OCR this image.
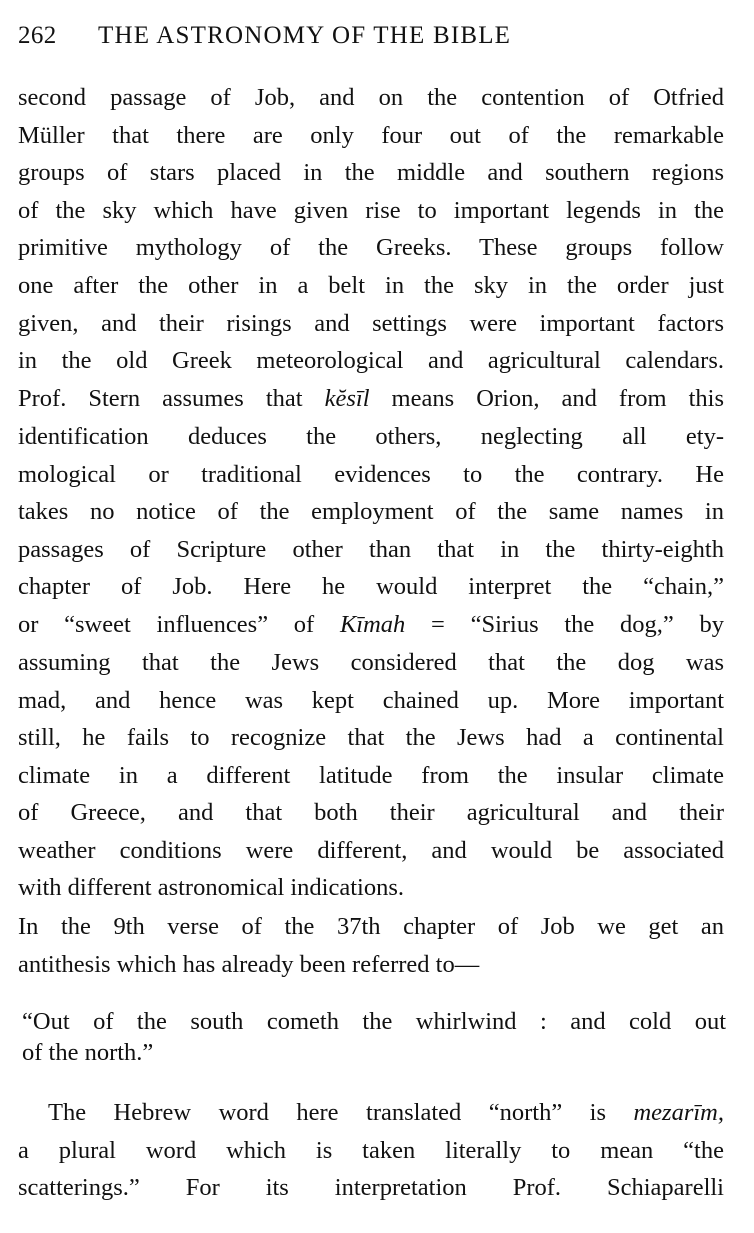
262 THE ASTRONOMY OF THE BIBLE
second passage of Job, and on the contention of Otfried
Müller that there are only four out of the remarkable
groups of stars placed in the middle and southern regions
of the sky which have given rise to important legends in the
primitive mythology of the Greeks. These groups follow
one after the other in a belt in the sky in the order just
given, and their risings and settings were important factors
in the old Greek meteorological and agricultural calendars.
Prof. Stern assumes that kĕsīl means Orion, and from this
identification deduces the others, neglecting all ety-
mological or traditional evidences to the contrary. He
takes no notice of the employment of the same names in
passages of Scripture other than that in the thirty-eighth
chapter of Job. Here he would interpret the “chain,”
or “sweet influences” of Kīmah = “Sirius the dog,” by
assuming that the Jews considered that the dog was
mad, and hence was kept chained up. More important
still, he fails to recognize that the Jews had a continental
climate in a different latitude from the insular climate
of Greece, and that both their agricultural and their
weather conditions were different, and would be associated
with different astronomical indications.
In the 9th verse of the 37th chapter of Job we get an
antithesis which has already been referred to—
“Out of the south cometh the whirlwind : and cold out
of the north.”
The Hebrew word here translated “north” is mezarīm,
a plural word which is taken literally to mean “the
scatterings.” For its interpretation Prof. Schiaparelli
